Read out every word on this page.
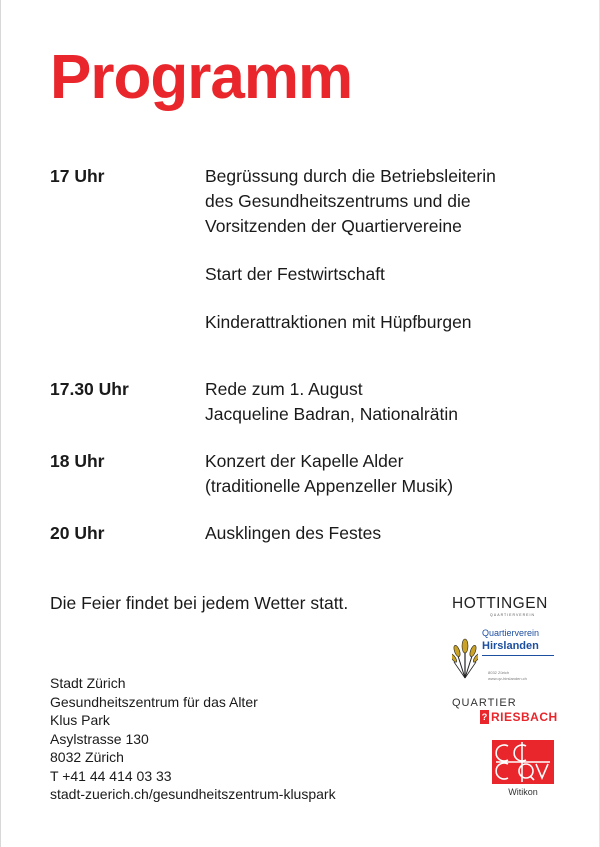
Programm
17 Uhr	Begrüssung durch die Betriebsleiterin
des Gesundheitszentrums und die
Vorsitzenden der Quartiervereine
Start der Festwirtschaft
Kinderattraktionen mit Hüpfburgen
17.30 Uhr	Rede zum 1. August
Jacqueline Badran, Nationalrätin
18 Uhr	Konzert der Kapelle Alder
(traditionelle Appenzeller Musik)
20 Uhr	Ausklingen des Festes

Die Feier findet bei jedem Wetter statt.

Stadt Zürich
Gesundheitszentrum für das Alter
Klus Park
Asylstrasse 130
8032 Zürich
T +41 44 414 03 33
stadt-zuerich.ch/gesundheitszentrum-kluspark
HOTTINGEN
QUARTIERVEREIN
Quartierverein
Hirslanden
8032 Zürich
www.qv-hirslanden.ch
QUARTIER
? RIESBACH
Witikon
